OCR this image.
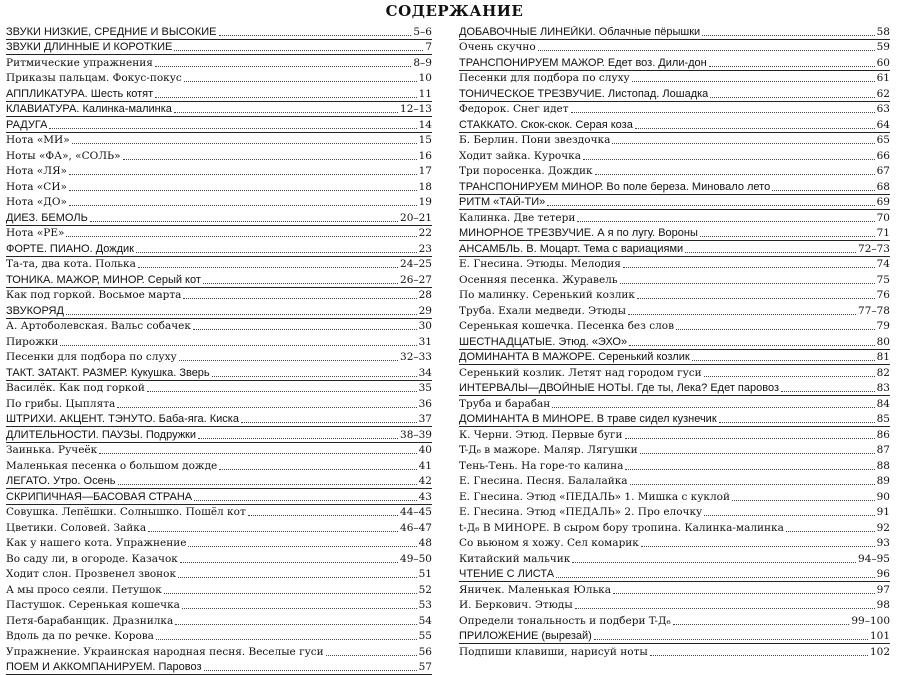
СОДЕРЖАНИЕ
ЗВУКИ НИЗКИЕ, СРЕДНИЕ И ВЫСОКИЕ	5–6
ЗВУКИ ДЛИННЫЕ И КОРОТКИЕ	7
Ритмические упражнения	8–9
Приказы пальцам. Фокус-покус	10
АППЛИКАТУРА. Шесть котят	11
КЛАВИАТУРА. Калинка-малинка	12–13
РАДУГА	14
Нота «МИ»	15
Ноты «ФА», «СОЛЬ»	16
Нота «ЛЯ»	17
Нота «СИ»	18
Нота «ДО»	19
ДИЕЗ. БЕМОЛЬ	20–21
Нота «РЕ»	22
ФОРТЕ. ПИАНО. Дождик	23
Та-та, два кота. Полька	24–25
ТОНИКА. МАЖОР, МИНОР. Серый кот	26–27
Как под горкой. Восьмое марта	28
ЗВУКОРЯД	29
А. Артоболевская. Вальс собачек	30
Пирожки	31
Песенки для подбора по слуху	32–33
ТАКТ. ЗАТАКТ. РАЗМЕР. Кукушка. Зверь	34
Василёк. Как под горкой	35
По грибы. Цыплята	36
ШТРИХИ. АКЦЕНТ. ТЭНУТО. Баба-яга. Киска	37
ДЛИТЕЛЬНОСТИ. ПАУЗЫ. Подружки	38–39
Заинька. Ручеёк	40
Маленькая песенка о большом дожде	41
ЛЕГАТО. Утро. Осень	42
СКРИПИЧНАЯ—БАСОВАЯ СТРАНА	43
Совушка. Лепёшки. Солнышко. Пошёл кот	44–45
Цветики. Соловей. Зайка	46–47
Как у нашего кота. Упражнение	48
Во саду ли, в огороде. Казачок	49–50
Ходит слон. Прозвенел звонок	51
А мы просо сеяли. Петушок	52
Пастушок. Серенькая кошечка	53
Петя-барабанщик. Дразнилка	54
Вдоль да по речке. Корова	55
Упражнение. Украинская народная песня. Веселые гуси	56
ПОЕМ И АККОМПАНИРУЕМ. Паровоз	57
ДОБАВОЧНЫЕ ЛИНЕЙКИ. Облачные пёрышки	58
Очень скучно	59
ТРАНСПОНИРУЕМ МАЖОР. Едет воз. Дили-дон	60
Песенки для подбора по слуху	61
ТОНИЧЕСКОЕ ТРЕЗВУЧИЕ. Листопад. Лошадка	62
Федорок. Снег идет	63
СТАККАТО. Скок-скок. Серая коза	64
Б. Берлин. Пони звездочка	65
Ходит зайка. Курочка	66
Три поросенка. Дождик	67
ТРАНСПОНИРУЕМ МИНОР. Во поле береза. Миновало лето	68
РИТМ «ТАЙ-ТИ»	69
Калинка. Две тетери	70
МИНОРНОЕ ТРЕЗВУЧИЕ. А я по лугу. Вороны	71
АНСАМБЛЬ. В. Моцарт. Тема с вариациями	72–73
Е. Гнесина. Этюды. Мелодия	74
Осенняя песенка. Журавель	75
По малинку. Серенький козлик	76
Труба. Ехали медведи. Этюды	77–78
Серенькая кошечка. Песенка без слов	79
ШЕСТНАДЦАТЫЕ. Этюд. «ЭХО»	80
ДОМИНАНТА В МАЖОРЕ. Серенький козлик	81
Серенький козлик. Летят над городом гуси	82
ИНТЕРВАЛЫ—ДВОЙНЫЕ НОТЫ. Где ты, Лека? Едет паровоз	83
Труба и барабан	84
ДОМИНАНТА В МИНОРЕ. В траве сидел кузнечик	85
К. Черни. Этюд. Первые буги	86
T-Д₆ в мажоре. Маляр. Лягушки	87
Тень-Тень. На горе-то калина	88
Е. Гнесина. Песня. Балалайка	89
Е. Гнесина. Этюд «ПЕДАЛЬ» 1. Мишка с куклой	90
Е. Гнесина. Этюд «ПЕДАЛЬ» 2. Про елочку	91
t-Д₆ В МИНОРЕ. В сыром бору тропина. Калинка-малинка	92
Со вьюном я хожу. Сел комарик	93
Китайский мальчик	94–95
ЧТЕНИЕ С ЛИСТА	96
Яничек. Маленькая Юлька	97
И. Беркович. Этюды	98
Определи тональность и подбери T-Д₆	99–100
ПРИЛОЖЕНИЕ (вырезай)	101
Подпиши клавиши, нарисуй ноты	102
